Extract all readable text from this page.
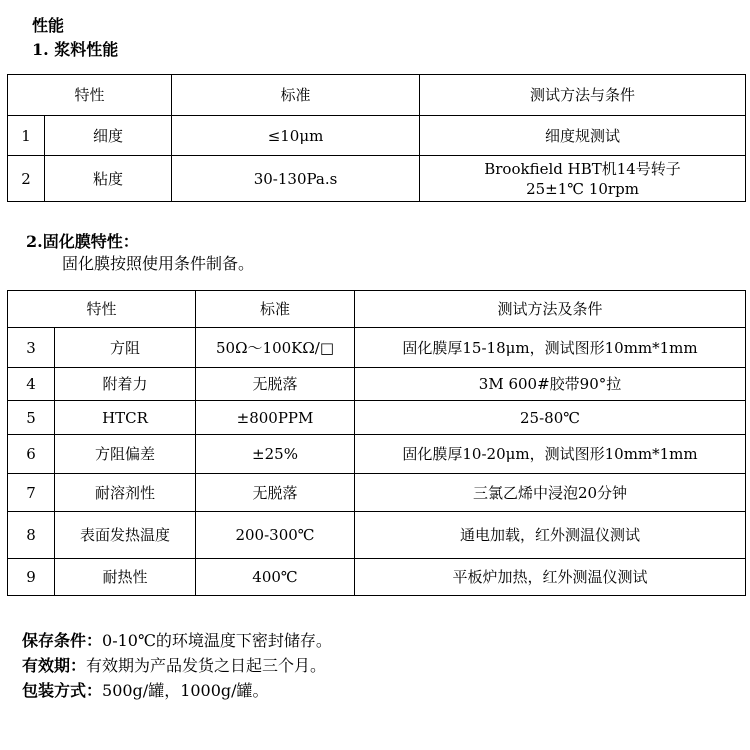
性能
1. 浆料性能
特性		标准	测试方法与条件
1	细度	≤10μm	细度规测试
2	粘度	30-130Pa.s	Brookfield HBT机14号转子
25±1℃ 10rpm
2.固化膜特性：
固化膜按照使用条件制备。
特性		标准	测试方法及条件
3	方阻	50Ω～100KΩ/□	固化膜厚15-18μm，测试图形10mm*1mm
4	附着力	无脱落	3M 600#胶带90°拉
5	HTCR	±800PPM	25-80℃
6	方阻偏差	±25%	固化膜厚10-20μm，测试图形10mm*1mm
7	耐溶剂性	无脱落	三氯乙烯中浸泡20分钟
8	表面发热温度	200-300℃	通电加载，红外测温仪测试
9	耐热性	400℃	平板炉加热，红外测温仪测试
保存条件：0-10℃的环境温度下密封储存。
有效期：有效期为产品发货之日起三个月。
包装方式：500g/罐，1000g/罐。
